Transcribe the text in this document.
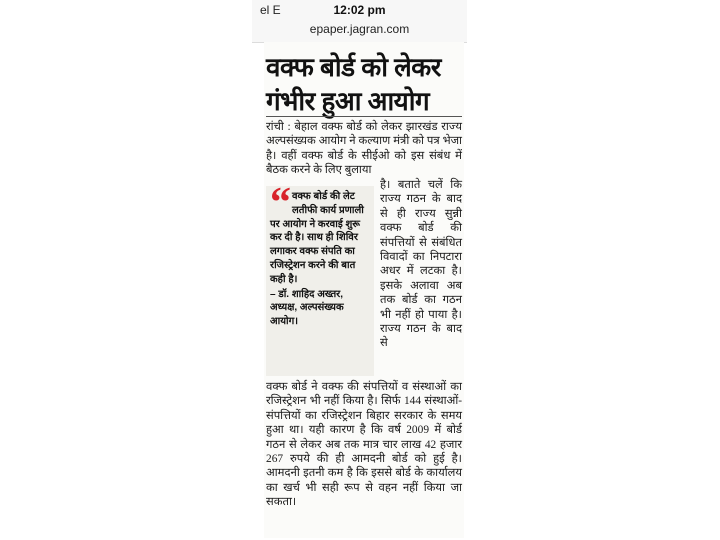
el E	12:02 pm
epaper.jagran.com
वक्फ बोर्ड को लेकर
गंभीर हुआ आयोग

रांची : बेहाल वक्फ बोर्ड को लेकर झारखंड राज्य अल्पसंख्यक आयोग ने कल्याण मंत्री को पत्र भेजा है। वहीं वक्फ बोर्ड के सीईओ को इस संबंध में बैठक करने के लिए बुलाया

“ वक्फ बोर्ड की लेट लतीफी कार्य प्रणाली
पर आयोग ने करवाई शुरू कर दी है। साथ ही शिविर लगाकर वक्फ संपति का रजिस्ट्रेशन करने की बात कही है।
– डॉ. शाहिद अख्तर, अध्यक्ष, अल्पसंख्यक आयोग।

है। बताते चलें कि राज्य गठन के बाद से ही राज्य सुन्नी वक्फ बोर्ड की संपत्तियों से संबंधित विवादों का निपटारा अधर में लटका है। इसके अलावा अब तक बोर्ड का गठन भी नहीं हो पाया है। राज्य गठन के बाद से

वक्फ बोर्ड ने वक्फ की संपत्तियों व संस्थाओं का रजिस्ट्रेशन भी नहीं किया है। सिर्फ 144 संस्थाओं-संपत्तियों का रजिस्ट्रेशन बिहार सरकार के समय हुआ था। यही कारण है कि वर्ष 2009 में बोर्ड गठन से लेकर अब तक मात्र चार लाख 42 हजार 267 रुपये की ही आमदनी बोर्ड को हुई है। आमदनी इतनी कम है कि इससे बोर्ड के कार्यालय का खर्च भी सही रूप से वहन नहीं किया जा सकता।
